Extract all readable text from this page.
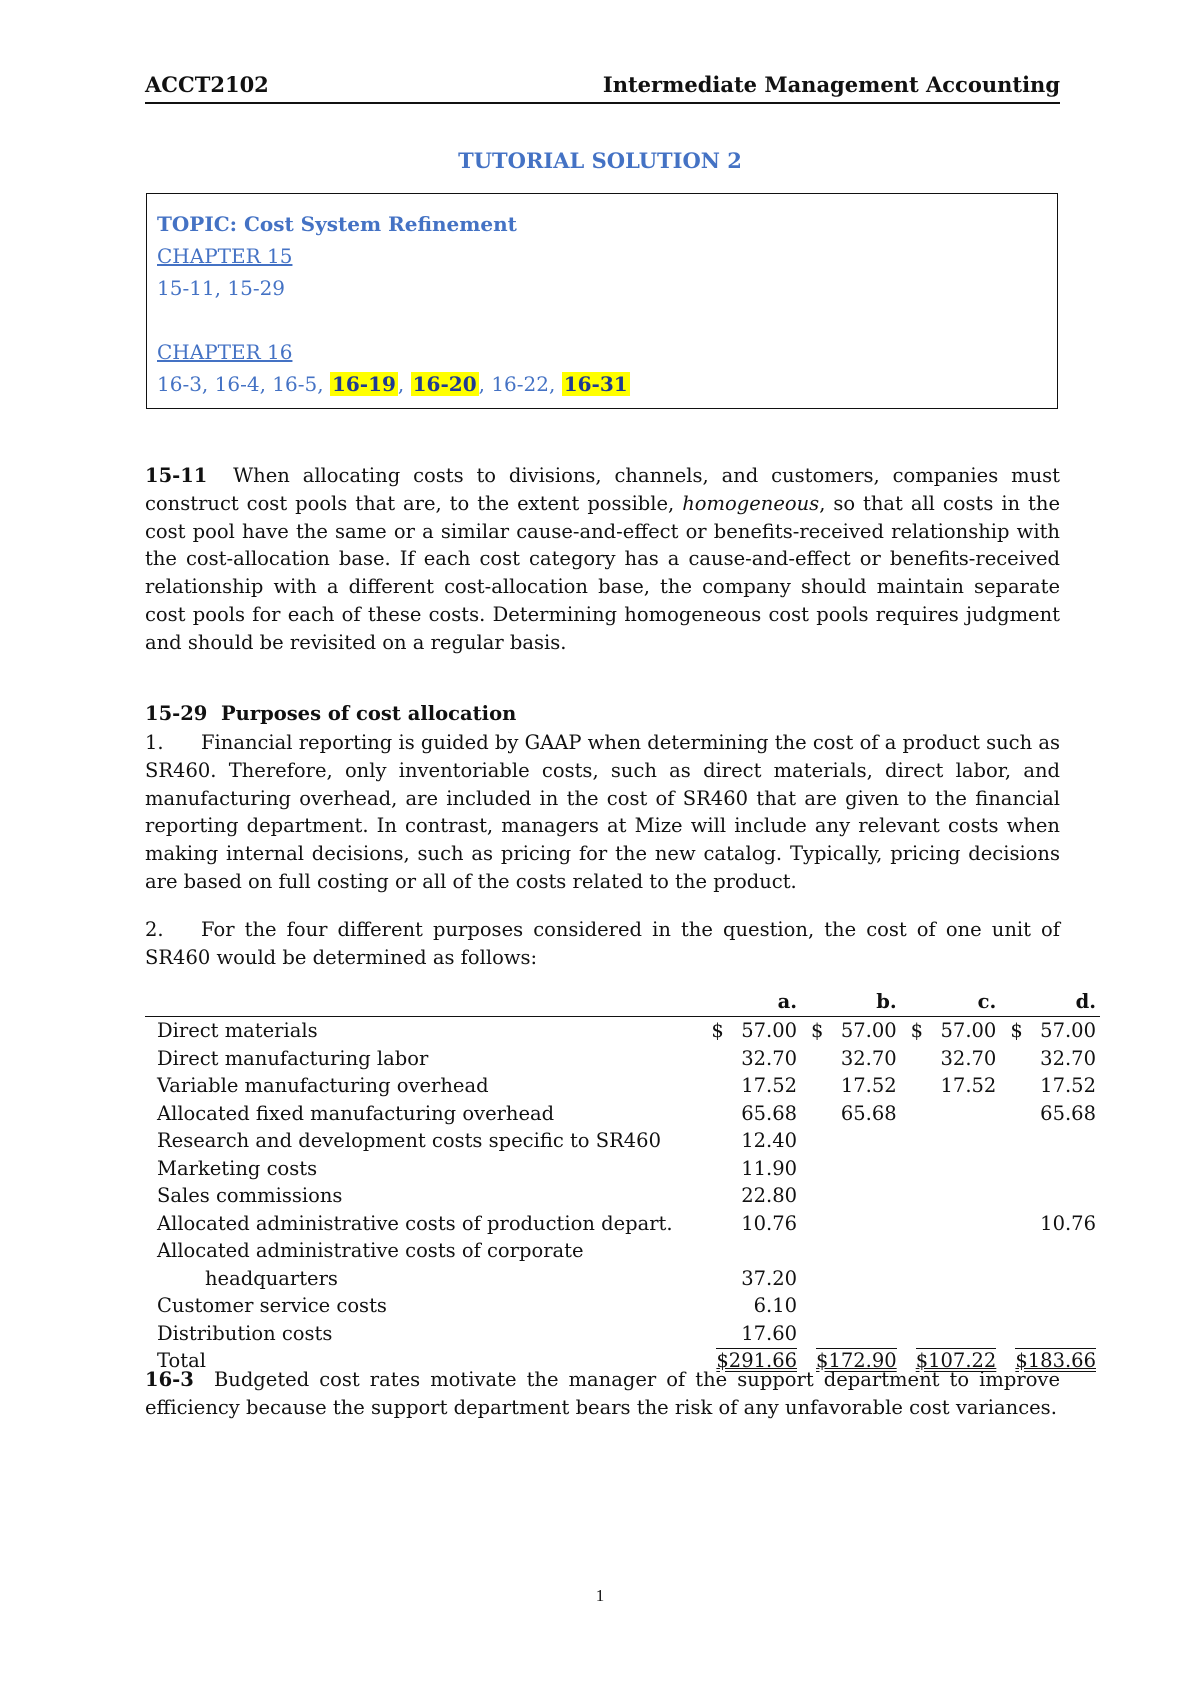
ACCT2102	Intermediate Management Accounting
TUTORIAL SOLUTION 2
TOPIC: Cost System Refinement
CHAPTER 15
15-11, 15-29
CHAPTER 16
16-3, 16-4, 16-5, 16-19 , 16-20 , 16-22, 16-31
15-11 When allocating costs to divisions, channels, and customers, companies must construct cost pools that are, to the extent possible, homogeneous, so that all costs in the cost pool have the same or a similar cause-and-effect or benefits-received relationship with the cost-allocation base. If each cost category has a cause-and-effect or benefits-received relationship with a different cost-allocation base, the company should maintain separate cost pools for each of these costs. Determining homogeneous cost pools requires judgment and should be revisited on a regular basis.
15-29 Purposes of cost allocation
1. Financial reporting is guided by GAAP when determining the cost of a product such as SR460. Therefore, only inventoriable costs, such as direct materials, direct labor, and manufacturing overhead, are included in the cost of SR460 that are given to the financial reporting department. In contrast, managers at Mize will include any relevant costs when making internal decisions, such as pricing for the new catalog. Typically, pricing decisions are based on full costing or all of the costs related to the product.
2. For the four different purposes considered in the question, the cost of one unit of SR460 would be determined as follows:
	a.	b.	c.	d.
Direct materials	$ 57.00	$ 57.00	$ 57.00	$ 57.00
Direct manufacturing labor	32.70	32.70	32.70	32.70
Variable manufacturing overhead	17.52	17.52	17.52	17.52
Allocated fixed manufacturing overhead	65.68	65.68		65.68
Research and development costs specific to SR460	12.40			
Marketing costs	11.90			
Sales commissions	22.80			
Allocated administrative costs of production depart.	10.76			10.76
Allocated administrative costs of corporate				
headquarters	37.20			
Customer service costs	6.10			
Distribution costs	17.60			
Total	$291.66	$172.90	$107.22	$183.66
16-3 Budgeted cost rates motivate the manager of the support department to improve efficiency because the support department bears the risk of any unfavorable cost variances.
1
